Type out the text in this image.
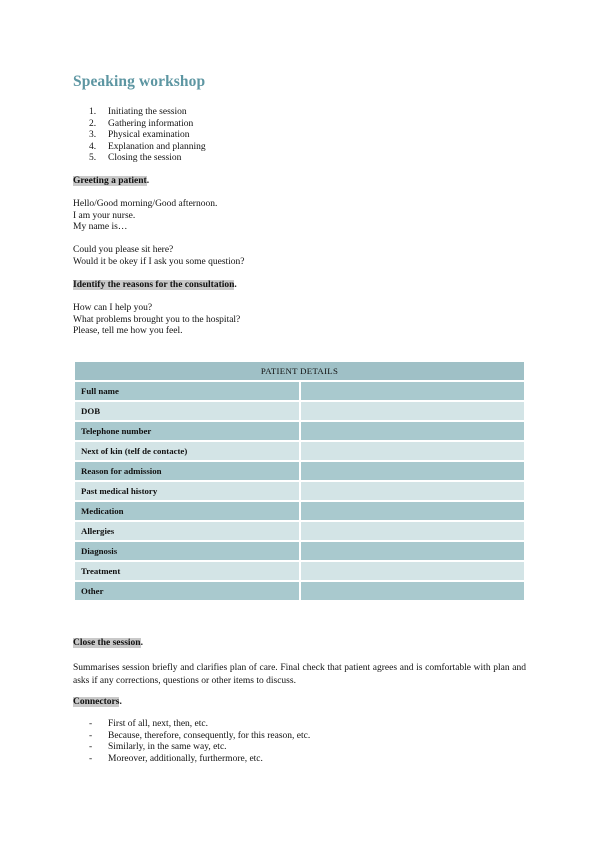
Speaking workshop
1. Initiating the session
2. Gathering information
3. Physical examination
4. Explanation and planning
5. Closing the session

Greeting a patient.

Hello/Good morning/Good afternoon.
I am your nurse.
My name is…
Could you please sit here?
Would it be okey if I ask you some question?

Identify the reasons for the consultation.

How can I help you?
What problems brought you to the hospital?
Please, tell me how you feel.
PATIENT DETAILS	
Full name	
DOB	
Telephone number	
Next of kin (telf de contacte)	
Reason for admission	
Past medical history	
Medication	
Allergies	
Diagnosis	
Treatment	
Other	

Close the session.

Summarises session briefly and clarifies plan of care. Final check that patient agrees and is comfortable with plan and asks if any corrections, questions or other items to discuss.

Connectors.

- First of all, next, then, etc.
- Because, therefore, consequently, for this reason, etc.
- Similarly, in the same way, etc.
- Moreover, additionally, furthermore, etc.
